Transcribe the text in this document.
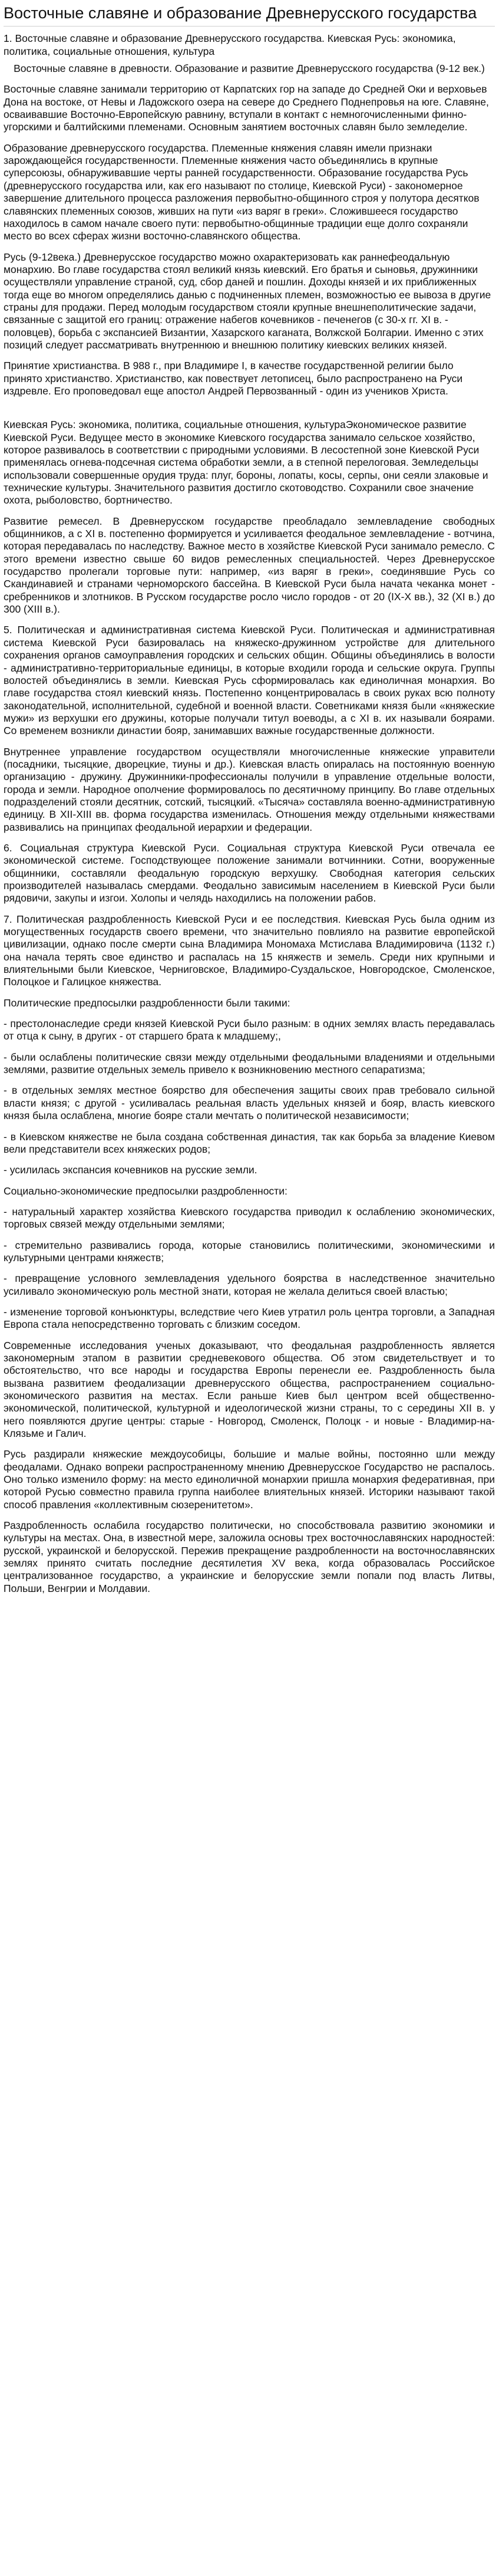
Восточные славяне и образование Древнерусского государства

1. Восточные славяне и образование Древнерусского государства. Киевская Русь: экономика, политика, социальные отношения, культура

Восточные славяне в древности. Образование и развитие Древнерусского государства (9-12 век.)

Восточные славяне занимали территорию от Карпатских гор на западе до Средней Оки и верховьев Дона на востоке, от Невы и Ладожского озера на севере до Среднего Поднепровья на юге. Славяне, осваивавшие Восточно-Европейскую равнину, вступали в контакт с немногочисленными финно-угорскими и балтийскими племенами. Основным занятием восточных славян было земледелие.

Образование древнерусского государства. Племенные княжения славян имели признаки зарождающейся государственности. Племенные княжения часто объединялись в крупные суперсоюзы, обнаруживавшие черты ранней государственности. Образование государства Русь (древнерусского государства или, как его называют по столице, Киевской Руси) - закономерное завершение длительного процесса разложения первобытно-общинного строя у полутора десятков славянских племенных союзов, живших на пути «из варяг в греки». Сложившееся государство находилось в самом начале своего пути: первобытно-общинные традиции еще долго сохраняли место во всех сферах жизни восточно-славянского общества.

Русь (9-12века.) Древнерусское государство можно охарактеризовать как раннефеодальную монархию. Во главе государства стоял великий князь киевский. Его братья и сыновья, дружинники осуществляли управление страной, суд, сбор даней и пошлин. Доходы князей и их приближенных тогда еще во многом определялись данью с подчиненных племен, возможностью ее вывоза в другие страны для продажи. Перед молодым государством стояли крупные внешнеполитические задачи, связанные с защитой его границ: отражение набегов кочевников - печенегов (с 30-х гг. XI в. - половцев), борьба с экспансией Византии, Хазарского каганата, Волжской Болгарии. Именно с этих позиций следует рассматривать внутреннюю и внешнюю политику киевских великих князей.

Принятие христианства. В 988 г., при Владимире I, в качестве государственной религии было принято христианство. Христианство, как повествует летописец, было распространено на Руси издревле. Его проповедовал еще апостол Андрей Первозванный - один из учеников Христа.

Киевская Русь: экономика, политика, социальные отношения, культураЭкономическое развитие Киевской Руси. Ведущее место в экономике Киевского государства занимало сельское хозяйство, которое развивалось в соответствии с природными условиями. В лесостепной зоне Киевской Руси применялась огнева-подсечная система обработки земли, а в степной перелоговая. Земледельцы использовали совершенные орудия труда: плуг, бороны, лопаты, косы, серпы, они сеяли злаковые и технические культуры. Значительного развития достигло скотоводство. Сохранили свое значение охота, рыболовство, бортничество.

Развитие ремесел. В Древнерусском государстве преобладало землевладение свободных общинников, а с XI в. постепенно формируется и усиливается феодальное землевладение - вотчина, которая передавалась по наследству. Важное место в хозяйстве Киевской Руси занимало ремесло. С этого времени известно свыше 60 видов ремесленных специальностей. Через Древнерусское государство пролегали торговые пути: например, «из варяг в греки», соединявшие Русь со Скандинавией и странами черноморского бассейна. В Киевской Руси была начата чеканка монет - сребренников и злотников. В Русском государстве росло число городов - от 20 (IX-X вв.), 32 (XI в.) до 300 (XIII в.).

5. Политическая и административная система Киевской Руси. Политическая и административная система Киевской Руси базировалась на княжеско-дружинном устройстве для длительного сохранения органов самоуправления городских и сельских общин. Общины объединялись в волости - административно-территориальные единицы, в которые входили города и сельские округа. Группы волостей объединялись в земли. Киевская Русь сформировалась как единоличная монархия. Во главе государства стоял киевский князь. Постепенно концентрировалась в своих руках всю полноту законодательной, исполнительной, судебной и военной власти. Советниками князя были «княжеские мужи» из верхушки его дружины, которые получали титул воеводы, а с XI в. их называли боярами. Со временем возникли династии бояр, занимавших важные государственные должности.

Внутреннее управление государством осуществляли многочисленные княжеские управители (посадники, тысяцкие, дворецкие, тиуны и др.). Киевская власть опиралась на постоянную военную организацию - дружину. Дружинники-профессионалы получили в управление отдельные волости, города и земли. Народное ополчение формировалось по десятичному принципу. Во главе отдельных подразделений стояли десятник, сотский, тысяцкий. «Тысяча» составляла военно-административную единицу. В XII-XIII вв. форма государства изменилась. Отношения между отдельными княжествами развивались на принципах феодальной иерархии и федерации.

6. Социальная структура Киевской Руси. Социальная структура Киевской Руси отвечала ее экономической системе. Господствующее положение занимали вотчинники. Сотни, вооруженные общинники, составляли феодальную городскую верхушку. Свободная категория сельских производителей называлась смердами. Феодально зависимым населением в Киевской Руси были рядовичи, закупы и изгои. Холопы и челядь находились на положении рабов.

7. Политическая раздробленность Киевской Руси и ее последствия. Киевская Русь была одним из могущественных государств своего времени, что значительно повлияло на развитие европейской цивилизации, однако после смерти сына Владимира Мономаха Мстислава Владимировича (1132 г.) она начала терять свое единство и распалась на 15 княжеств и земель. Среди них крупными и влиятельными были Киевское, Черниговское, Владимиро-Суздальское, Новгородское, Смоленское, Полоцкое и Галицкое княжества.

Политические предпосылки раздробленности были такими:

- престолонаследие среди князей Киевской Руси было разным: в одних землях власть передавалась от отца к сыну, в других - от старшего брата к младшему;,

- были ослаблены политические связи между отдельными феодальными владениями и отдельными землями, развитие отдельных земель привело к возникновению местного сепаратизма;

- в отдельных землях местное боярство для обеспечения защиты своих прав требовало сильной власти князя; с другой - усиливалась реальная власть удельных князей и бояр, власть киевского князя была ослаблена, многие бояре стали мечтать о политической независимости;

- в Киевском княжестве не была создана собственная династия, так как борьба за владение Киевом вели представители всех княжеских родов;

- усилилась экспансия кочевников на русские земли.

Социально-экономические предпосылки раздробленности:

- натуральный характер хозяйства Киевского государства приводил к ослаблению экономических, торговых связей между отдельными землями;

- стремительно развивались города, которые становились политическими, экономическими и культурными центрами княжеств;

- превращение условного землевладения удельного боярства в наследственное значительно усиливало экономическую роль местной знати, которая не желала делиться своей властью;

- изменение торговой конъюнктуры, вследствие чего Киев утратил роль центра торговли, а Западная Европа стала непосредственно торговать с близким соседом.

Современные исследования ученых доказывают, что феодальная раздробленность является закономерным этапом в развитии средневекового общества. Об этом свидетельствует и то обстоятельство, что все народы и государства Европы перенесли ее. Раздробленность была вызвана развитием феодализации древнерусского общества, распространением социально-экономического развития на местах. Если раньше Киев был центром всей общественно-экономической, политической, культурной и идеологической жизни страны, то с середины XII в. у него появляются другие центры: старые - Новгород, Смоленск, Полоцк - и новые - Владимир-на-Клязьме и Галич.

Русь раздирали княжеские междоусобицы, большие и малые войны, постоянно шли между феодалами. Однако вопреки распространенному мнению Древнерусское Государство не распалось. Оно только изменило форму: на место единоличной монархии пришла монархия федеративная, при которой Русью совместно правила группа наиболее влиятельных князей. Историки называют такой способ правления «коллективным сюзеренитетом».

Раздробленность ослабила государство политически, но способствовала развитию экономики и культуры на местах. Она, в известной мере, заложила основы трех восточнославянских народностей: русской, украинской и белорусской. Пережив прекращение раздробленности на восточнославянских землях принято считать последние десятилетия XV века, когда образовалась Российское централизованное государство, а украинские и белорусские земли попали под власть Литвы, Польши, Венгрии и Молдавии.
